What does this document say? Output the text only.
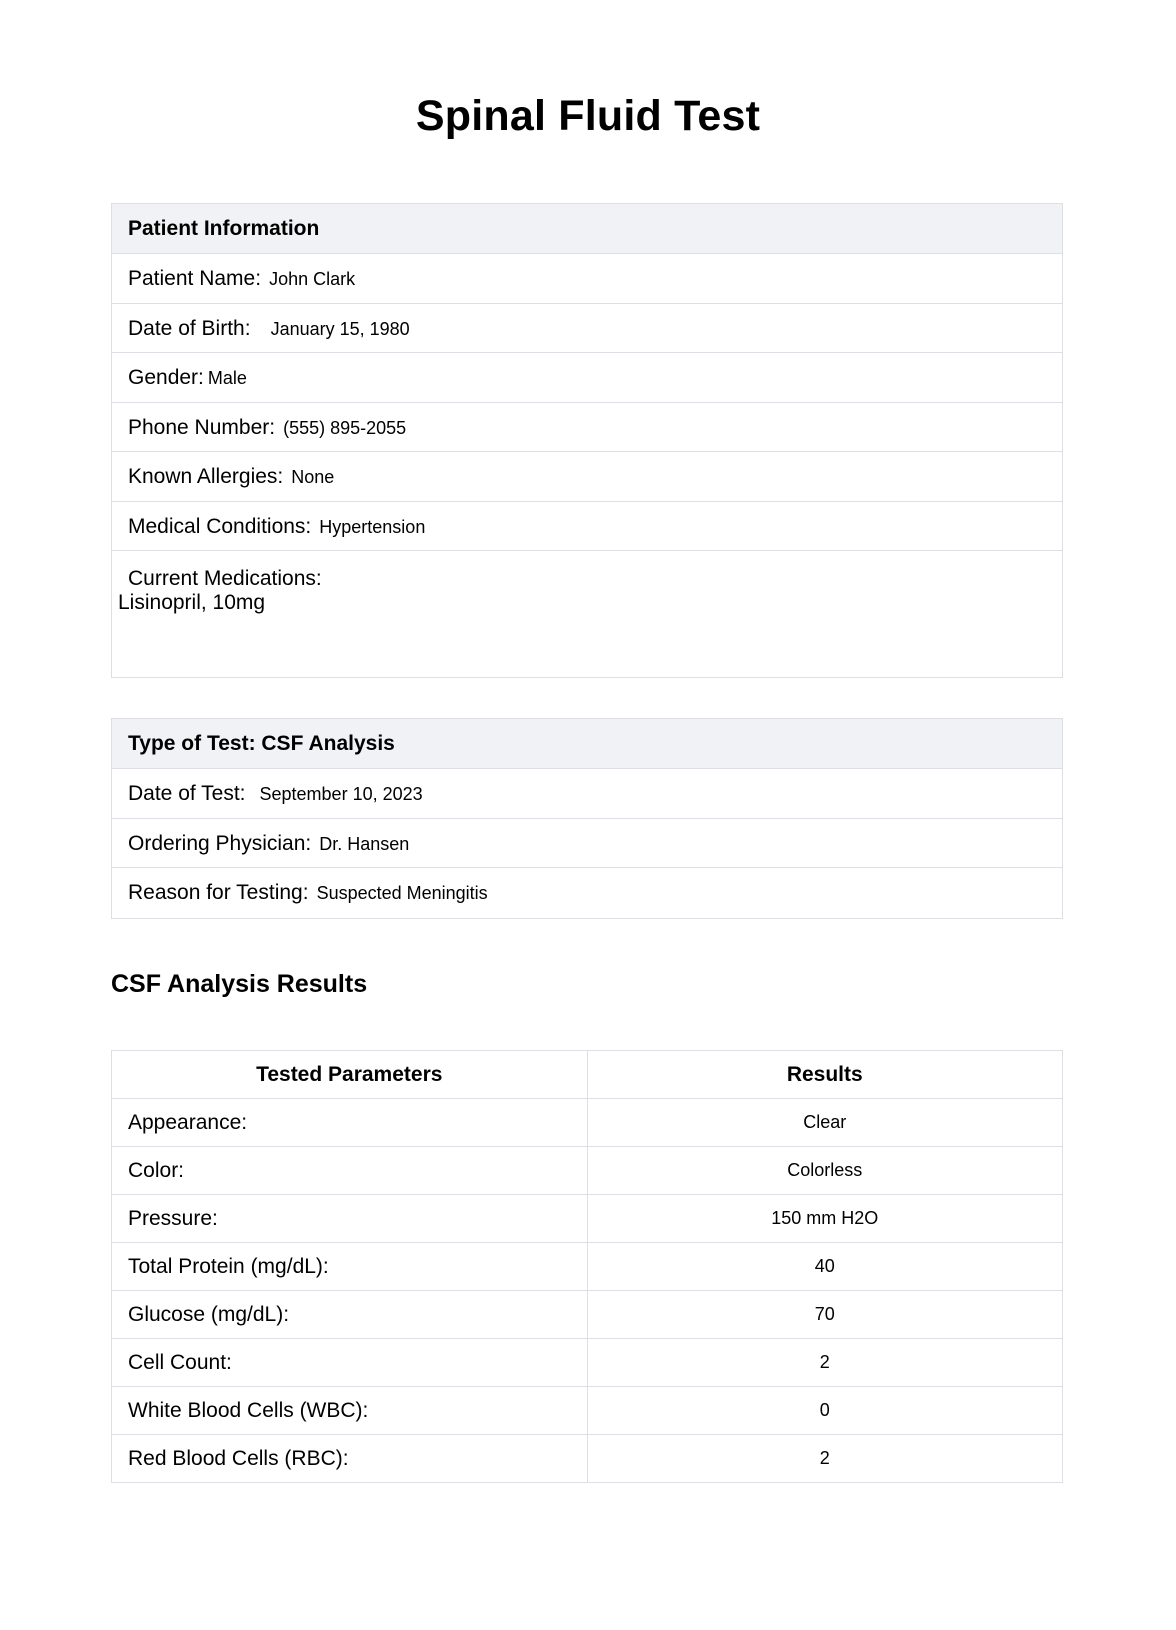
Spinal Fluid Test
Patient Information
Patient Name: John Clark
Date of Birth: January 15, 1980
Gender: Male
Phone Number: (555) 895-2055
Known Allergies: None
Medical Conditions: Hypertension
Current Medications:
Lisinopril, 10mg
Type of Test: CSF Analysis
Date of Test: September 10, 2023
Ordering Physician: Dr. Hansen
Reason for Testing: Suspected Meningitis
CSF Analysis Results
Tested Parameters	Results
Appearance:	Clear
Color:	Colorless
Pressure:	150 mm H2O
Total Protein (mg/dL):	40
Glucose (mg/dL):	70
Cell Count:	2
White Blood Cells (WBC):	0
Red Blood Cells (RBC):	2
